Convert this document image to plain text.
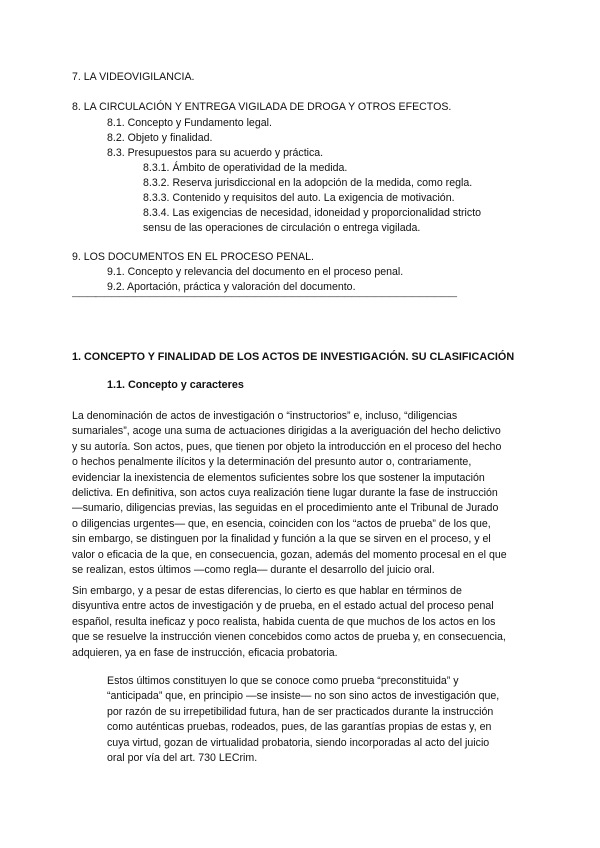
7. LA VIDEOVIGILANCIA.
8. LA CIRCULACIÓN Y ENTREGA VIGILADA DE DROGA Y OTROS EFECTOS.
8.1. Concepto y Fundamento legal.
8.2. Objeto y finalidad.
8.3. Presupuestos para su acuerdo y práctica.
8.3.1. Ámbito de operatividad de la medida.
8.3.2. Reserva jurisdiccional en la adopción de la medida, como regla.
8.3.3. Contenido y requisitos del auto. La exigencia de motivación.
8.3.4. Las exigencias de necesidad, idoneidad y proporcionalidad stricto
sensu de las operaciones de circulación o entrega vigilada.
9. LOS DOCUMENTOS EN EL PROCESO PENAL.
9.1. Concepto y relevancia del documento en el proceso penal.
9.2. Aportación, práctica y valoración del documento.
———-————————————————————————————————————————————————
1. CONCEPTO Y FINALIDAD DE LOS ACTOS DE INVESTIGACIÓN. SU CLASIFICACIÓN
1.1. Concepto y caracteres
La denominación de actos de investigación o “instructorios” e, incluso, “diligencias
sumariales”, acoge una suma de actuaciones dirigidas a la averiguación del hecho delictivo
y su autoría. Son actos, pues, que tienen por objeto la introducción en el proceso del hecho
o hechos penalmente ilícitos y la determinación del presunto autor o, contrariamente,
evidenciar la inexistencia de elementos suficientes sobre los que sostener la imputación
delictiva. En definitiva, son actos cuya realización tiene lugar durante la fase de instrucción
—sumario, diligencias previas, las seguidas en el procedimiento ante el Tribunal de Jurado
o diligencias urgentes— que, en esencia, coinciden con los “actos de prueba” de los que,
sin embargo, se distinguen por la finalidad y función a la que se sirven en el proceso, y el
valor o eficacia de la que, en consecuencia, gozan, además del momento procesal en el que
se realizan, estos últimos —como regla— durante el desarrollo del juicio oral.
Sin embargo, y a pesar de estas diferencias, lo cierto es que hablar en términos de
disyuntiva entre actos de investigación y de prueba, en el estado actual del proceso penal
español, resulta ineficaz y poco realista, habida cuenta de que muchos de los actos en los
que se resuelve la instrucción vienen concebidos como actos de prueba y, en consecuencia,
adquieren, ya en fase de instrucción, eficacia probatoria.
Estos últimos constituyen lo que se conoce como prueba “preconstituida” y
“anticipada” que, en principio —se insiste— no son sino actos de investigación que,
por razón de su irrepetibilidad futura, han de ser practicados durante la instrucción
como auténticas pruebas, rodeados, pues, de las garantías propias de estas y, en
cuya virtud, gozan de virtualidad probatoria, siendo incorporadas al acto del juicio
oral por vía del art. 730 LECrim.
